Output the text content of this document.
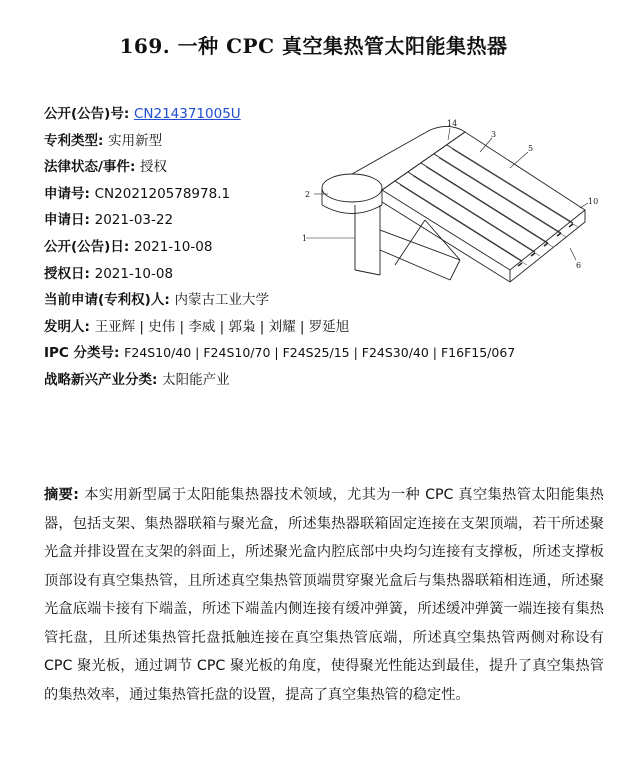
169. 一种 CPC 真空集热管太阳能集热器
公开(公告)号: CN214371005U
专利类型: 实用新型
法律状态/事件: 授权
申请号: CN202120578978.1
申请日: 2021-03-22
公开(公告)日: 2021-10-08
授权日: 2021-10-08
当前申请(专利权)人: 内蒙古工业大学
发明人: 王亚辉 | 史伟 | 李威 | 郭枭 | 刘耀 | 罗延旭
IPC 分类号: F24S10/40 | F24S10/70 | F24S25/15 | F24S30/40 | F16F15/067
战略新兴产业分类: 太阳能产业
1
2
3
5
6
10
14
摘要: 本实用新型属于太阳能集热器技术领域，尤其为一种 CPC 真空集热管太阳能集热器，包括支架、集热器联箱与聚光盒，所述集热器联箱固定连接在支架顶端，若干所述聚光盒并排设置在支架的斜面上，所述聚光盒内腔底部中央均匀连接有支撑板，所述支撑板顶部设有真空集热管，且所述真空集热管顶端贯穿聚光盒后与集热器联箱相连通，所述聚光盒底端卡接有下端盖，所述下端盖内侧连接有缓冲弹簧，所述缓冲弹簧一端连接有集热管托盘，且所述集热管托盘抵触连接在真空集热管底端，所述真空集热管两侧对称设有 CPC 聚光板，通过调节 CPC 聚光板的角度，使得聚光性能达到最佳，提升了真空集热管的集热效率，通过集热管托盘的设置，提高了真空集热管的稳定性。
